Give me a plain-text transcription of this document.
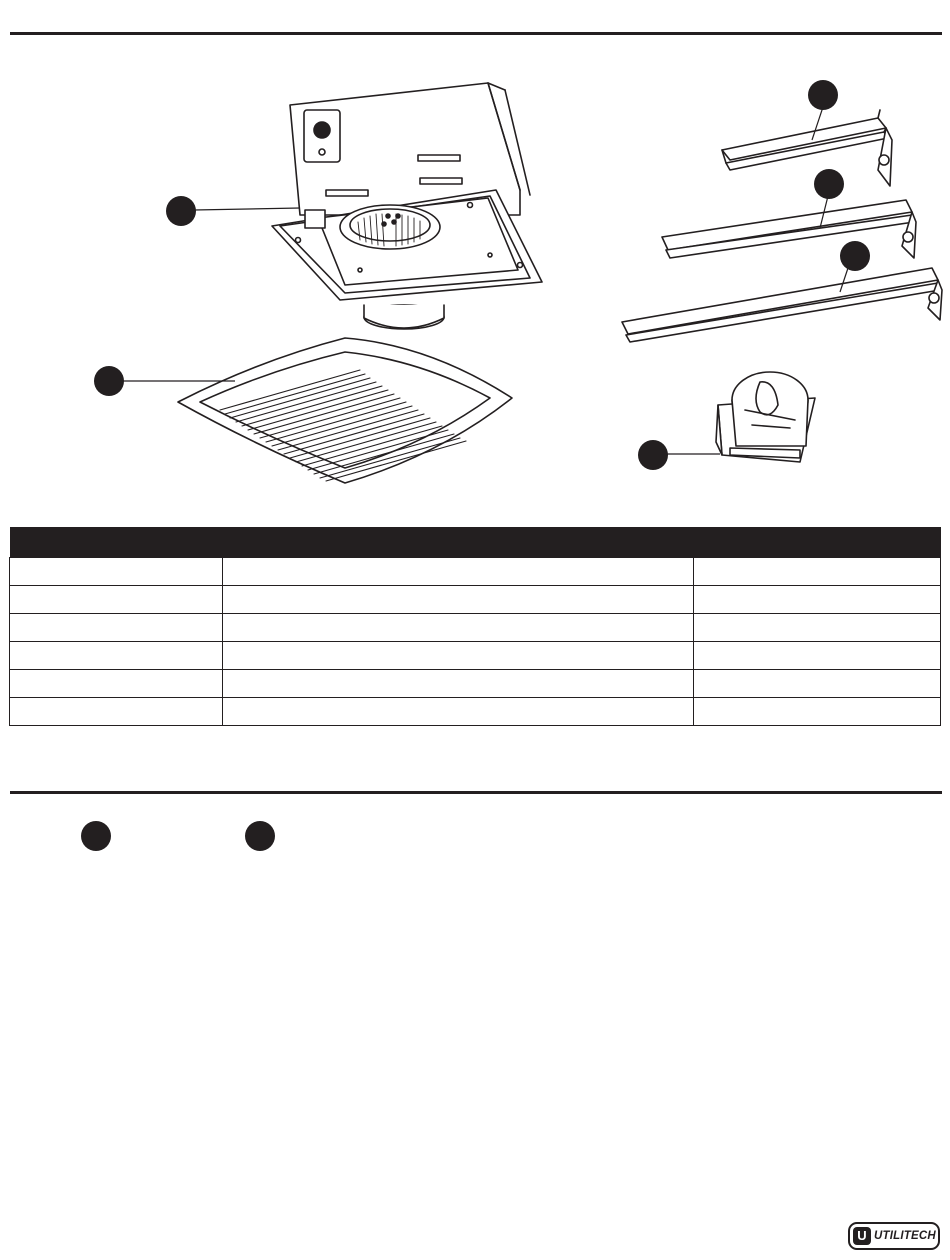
U UTILITECH
